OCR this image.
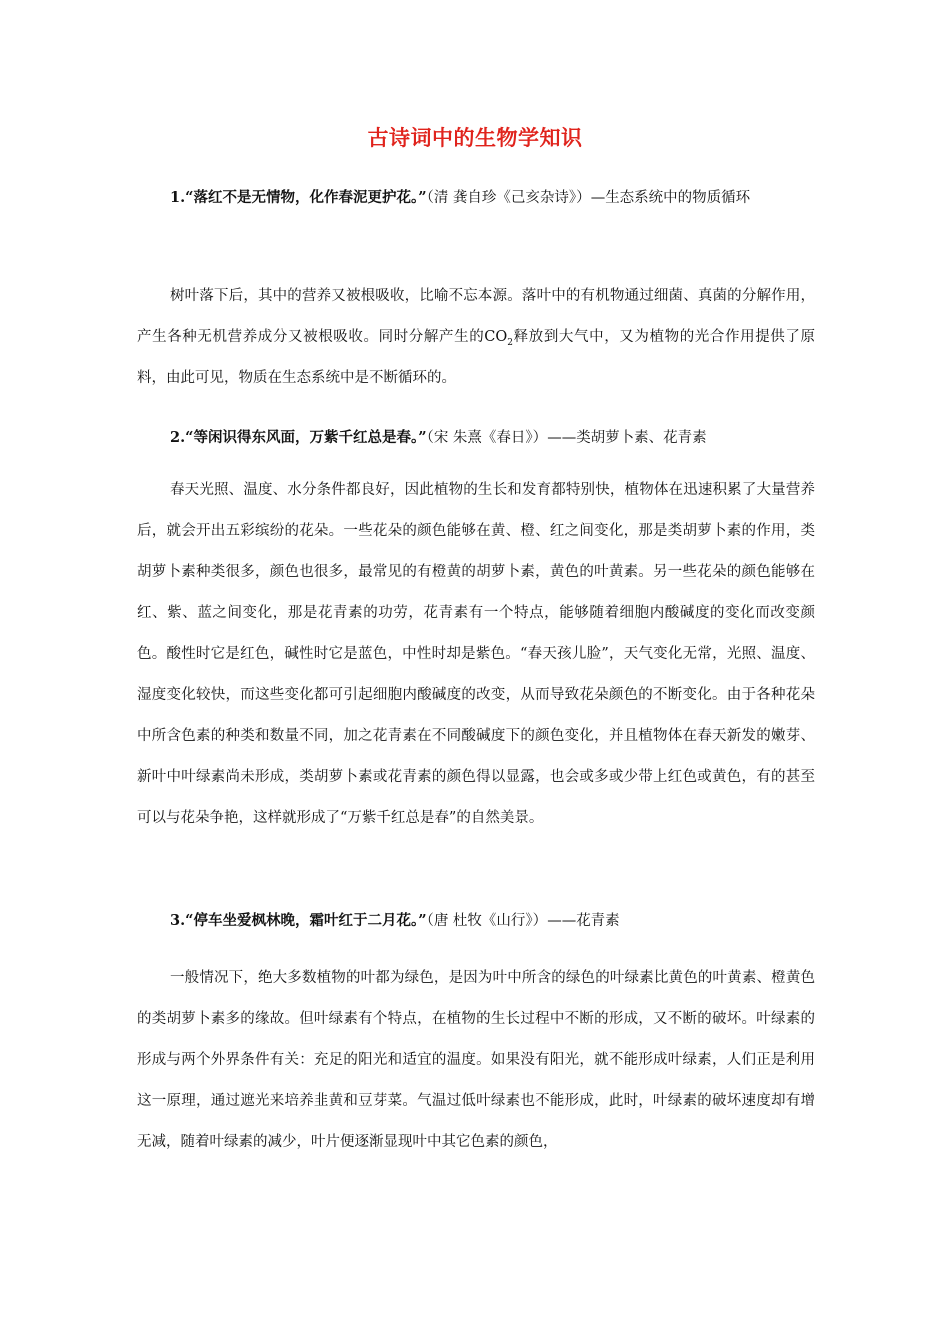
古诗词中的生物学知识
1.“落红不是无情物，化作春泥更护花。”（清 龚自珍《己亥杂诗》）—生态系统中的物质循环
树叶落下后，其中的营养又被根吸收，比喻不忘本源。落叶中的有机物通过细菌、真菌的分解作用，产生各种无机营养成分又被根吸收。同时分解产生的$CO_2$释放到大气中，又为植物的光合作用提供了原料，由此可见，物质在生态系统中是不断循环的。
2.“等闲识得东风面，万紫千红总是春。”（宋 朱熹《春日》）——类胡萝卜素、花青素
春天光照、温度、水分条件都良好，因此植物的生长和发育都特别快，植物体在迅速积累了大量营养后，就会开出五彩缤纷的花朵。一些花朵的颜色能够在黄、橙、红之间变化，那是类胡萝卜素的作用，类胡萝卜素种类很多，颜色也很多，最常见的有橙黄的胡萝卜素，黄色的叶黄素。另一些花朵的颜色能够在红、紫、蓝之间变化，那是花青素的功劳，花青素有一个特点，能够随着细胞内酸碱度的变化而改变颜色。酸性时它是红色，碱性时它是蓝色，中性时却是紫色。“春天孩儿脸”，天气变化无常，光照、温度、湿度变化较快，而这些变化都可引起细胞内酸碱度的改变，从而导致花朵颜色的不断变化。由于各种花朵中所含色素的种类和数量不同，加之花青素在不同酸碱度下的颜色变化，并且植物体在春天新发的嫩芽、新叶中叶绿素尚未形成，类胡萝卜素或花青素的颜色得以显露，也会或多或少带上红色或黄色，有的甚至可以与花朵争艳，这样就形成了“万紫千红总是春”的自然美景。
3.“停车坐爱枫林晚，霜叶红于二月花。”（唐 杜牧《山行》）——花青素
一般情况下，绝大多数植物的叶都为绿色，是因为叶中所含的绿色的叶绿素比黄色的叶黄素、橙黄色的类胡萝卜素多的缘故。但叶绿素有个特点，在植物的生长过程中不断的形成，又不断的破坏。叶绿素的形成与两个外界条件有关：充足的阳光和适宜的温度。如果没有阳光，就不能形成叶绿素，人们正是利用这一原理，通过遮光来培养韭黄和豆芽菜。气温过低叶绿素也不能形成，此时，叶绿素的破坏速度却有增无减，随着叶绿素的减少，叶片便逐渐显现叶中其它色素的颜色，
